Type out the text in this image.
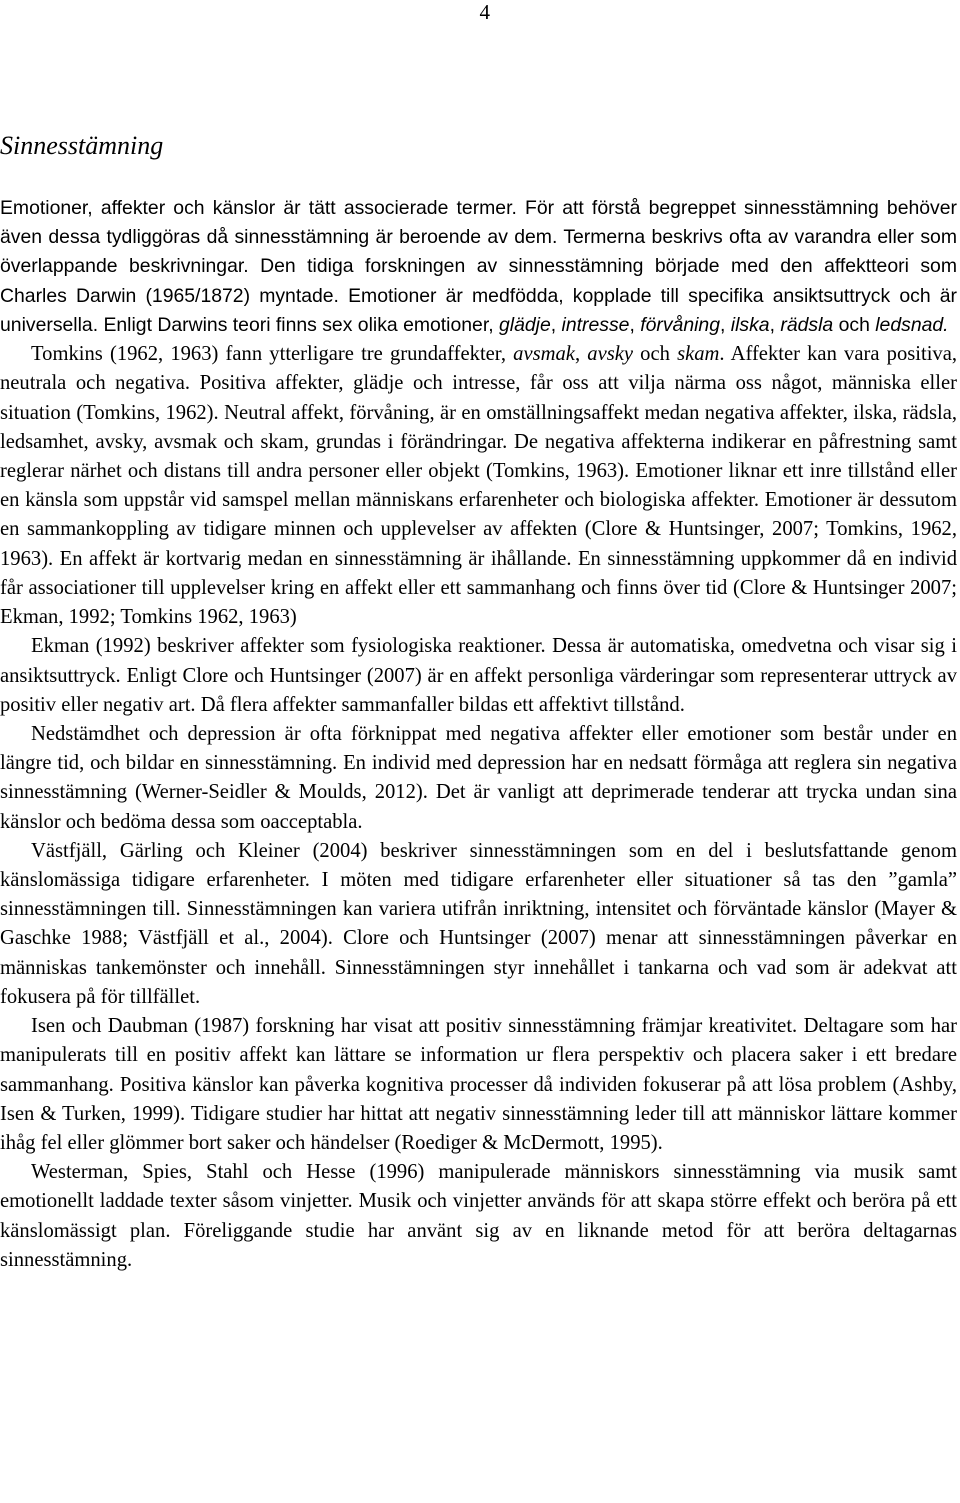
4
Sinnesstämning

Emotioner, affekter och känslor är tätt associerade termer. För att förstå begreppet sinnesstämning behöver även dessa tydliggöras då sinnesstämning är beroende av dem. Termerna beskrivs ofta av varandra eller som överlappande beskrivningar. Den tidiga forskningen av sinnesstämning började med den affektteori som Charles Darwin (1965/1872) myntade. Emotioner är medfödda, kopplade till specifika ansiktsuttryck och är universella. Enligt Darwins teori finns sex olika emotioner, glädje, intresse, förvåning, ilska, rädsla och ledsnad.

Tomkins (1962, 1963) fann ytterligare tre grundaffekter, avsmak, avsky och skam. Affekter kan vara positiva, neutrala och negativa. Positiva affekter, glädje och intresse, får oss att vilja närma oss något, människa eller situation (Tomkins, 1962). Neutral affekt, förvåning, är en omställningsaffekt medan negativa affekter, ilska, rädsla, ledsamhet, avsky, avsmak och skam, grundas i förändringar. De negativa affekterna indikerar en påfrestning samt reglerar närhet och distans till andra personer eller objekt (Tomkins, 1963). Emotioner liknar ett inre tillstånd eller en känsla som uppstår vid samspel mellan människans erfarenheter och biologiska affekter. Emotioner är dessutom en sammankoppling av tidigare minnen och upplevelser av affekten (Clore & Huntsinger, 2007; Tomkins, 1962, 1963). En affekt är kortvarig medan en sinnesstämning är ihållande. En sinnesstämning uppkommer då en individ får associationer till upplevelser kring en affekt eller ett sammanhang och finns över tid (Clore & Huntsinger 2007; Ekman, 1992; Tomkins 1962, 1963)

Ekman (1992) beskriver affekter som fysiologiska reaktioner. Dessa är automatiska, omedvetna och visar sig i ansiktsuttryck. Enligt Clore och Huntsinger (2007) är en affekt personliga värderingar som representerar uttryck av positiv eller negativ art. Då flera affekter sammanfaller bildas ett affektivt tillstånd.

Nedstämdhet och depression är ofta förknippat med negativa affekter eller emotioner som består under en längre tid, och bildar en sinnesstämning. En individ med depression har en nedsatt förmåga att reglera sin negativa sinnesstämning (Werner-Seidler & Moulds, 2012). Det är vanligt att deprimerade tenderar att trycka undan sina känslor och bedöma dessa som oacceptabla.

Västfjäll, Gärling och Kleiner (2004) beskriver sinnesstämningen som en del i beslutsfattande genom känslomässiga tidigare erfarenheter. I möten med tidigare erfarenheter eller situationer så tas den ”gamla” sinnesstämningen till. Sinnesstämningen kan variera utifrån inriktning, intensitet och förväntade känslor (Mayer & Gaschke 1988; Västfjäll et al., 2004). Clore och Huntsinger (2007) menar att sinnesstämningen påverkar en människas tankemönster och innehåll. Sinnesstämningen styr innehållet i tankarna och vad som är adekvat att fokusera på för tillfället.

Isen och Daubman (1987) forskning har visat att positiv sinnesstämning främjar kreativitet. Deltagare som har manipulerats till en positiv affekt kan lättare se information ur flera perspektiv och placera saker i ett bredare sammanhang. Positiva känslor kan påverka kognitiva processer då individen fokuserar på att lösa problem (Ashby, Isen & Turken, 1999). Tidigare studier har hittat att negativ sinnesstämning leder till att människor lättare kommer ihåg fel eller glömmer bort saker och händelser (Roediger & McDermott, 1995).

Westerman, Spies, Stahl och Hesse (1996) manipulerade människors sinnesstämning via musik samt emotionellt laddade texter såsom vinjetter. Musik och vinjetter används för att skapa större effekt och beröra på ett känslomässigt plan. Föreliggande studie har använt sig av en liknande metod för att beröra deltagarnas sinnesstämning.
